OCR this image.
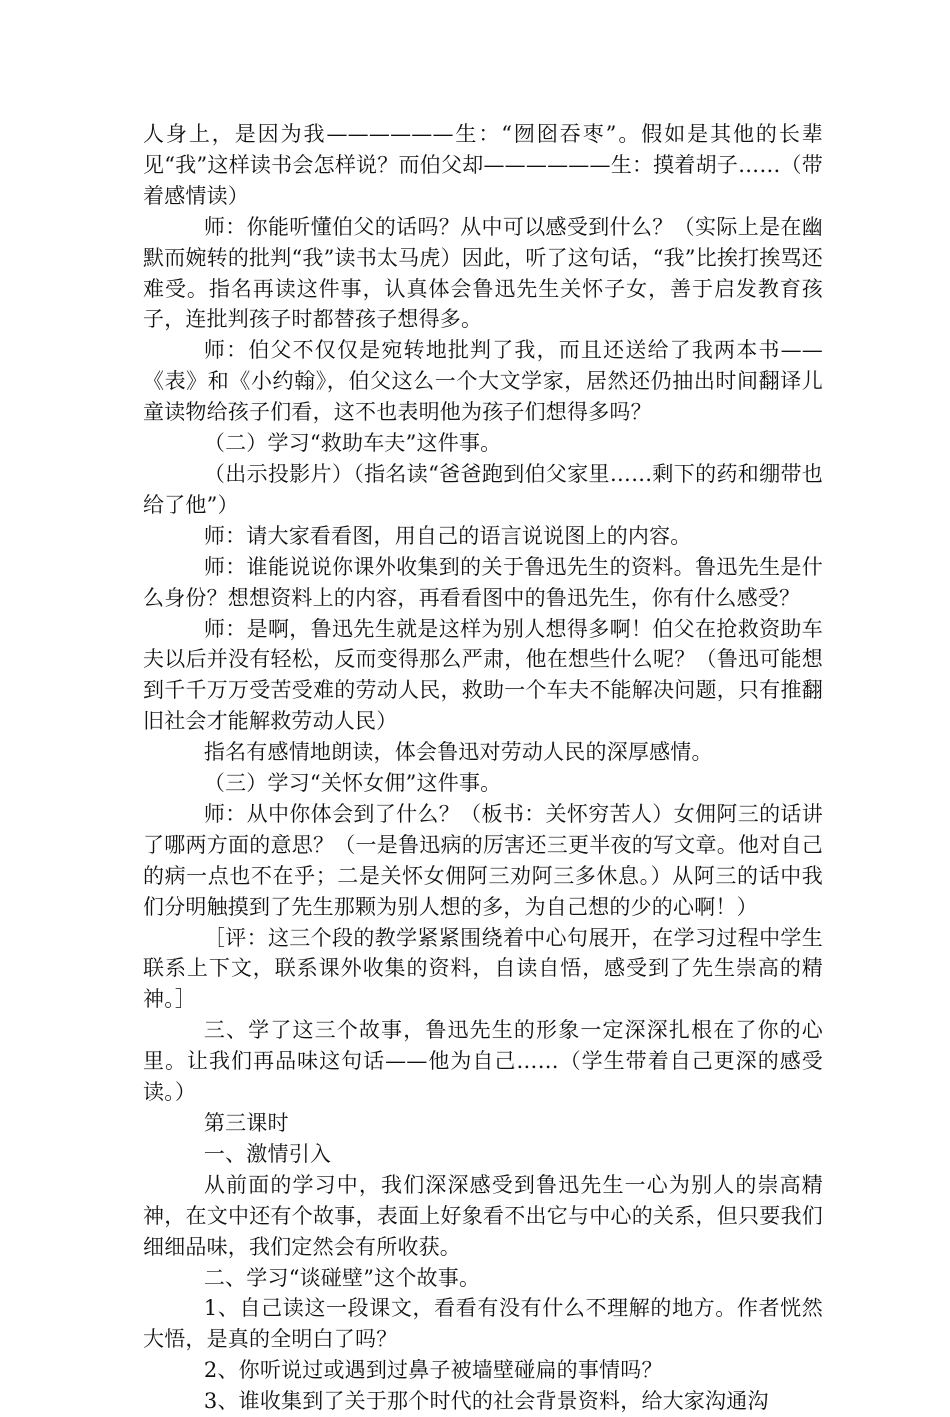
人身上，是因为我——————生：“囫囵吞枣”。假如是其他的长辈见“我”这样读书会怎样说？而伯父却——————生：摸着胡子……（带着感情读）

师：你能听懂伯父的话吗？从中可以感受到什么？（实际上是在幽默而婉转的批判“我”读书太马虎）因此，听了这句话，“我”比挨打挨骂还难受。指名再读这件事，认真体会鲁迅先生关怀子女，善于启发教育孩子，连批判孩子时都替孩子想得多。

师：伯父不仅仅是宛转地批判了我，而且还送给了我两本书——《表》和《小约翰》，伯父这么一个大文学家，居然还仍抽出时间翻译儿童读物给孩子们看，这不也表明他为孩子们想得多吗？

（二）学习“救助车夫”这件事。

（出示投影片）（指名读“爸爸跑到伯父家里……剩下的药和绷带也给了他”）

师：请大家看看图，用自己的语言说说图上的内容。

师：谁能说说你课外收集到的关于鲁迅先生的资料。鲁迅先生是什么身份？想想资料上的内容，再看看图中的鲁迅先生，你有什么感受？

师：是啊，鲁迅先生就是这样为别人想得多啊！伯父在抢救资助车夫以后并没有轻松，反而变得那么严肃，他在想些什么呢？（鲁迅可能想到千千万万受苦受难的劳动人民，救助一个车夫不能解决问题，只有推翻旧社会才能解救劳动人民）

指名有感情地朗读，体会鲁迅对劳动人民的深厚感情。

（三）学习“关怀女佣”这件事。

师：从中你体会到了什么？（板书：关怀穷苦人）女佣阿三的话讲了哪两方面的意思？（一是鲁迅病的厉害还三更半夜的写文章。他对自己的病一点也不在乎；二是关怀女佣阿三劝阿三多休息。）从阿三的话中我们分明触摸到了先生那颗为别人想的多，为自己想的少的心啊！）

［评：这三个段的教学紧紧围绕着中心句展开，在学习过程中学生联系上下文，联系课外收集的资料，自读自悟，感受到了先生崇高的精神。］

三、学了这三个故事，鲁迅先生的形象一定深深扎根在了你的心里。让我们再品味这句话——他为自己……（学生带着自己更深的感受读。）

第三课时

一、激情引入

从前面的学习中，我们深深感受到鲁迅先生一心为别人的崇高精神，在文中还有个故事，表面上好象看不出它与中心的关系，但只要我们细细品味，我们定然会有所收获。

二、学习“谈碰壁”这个故事。

1、自己读这一段课文，看看有没有什么不理解的地方。作者恍然大悟，是真的全明白了吗？

2、你听说过或遇到过鼻子被墙壁碰扁的事情吗？

3、谁收集到了关于那个时代的社会背景资料，给大家沟通沟
